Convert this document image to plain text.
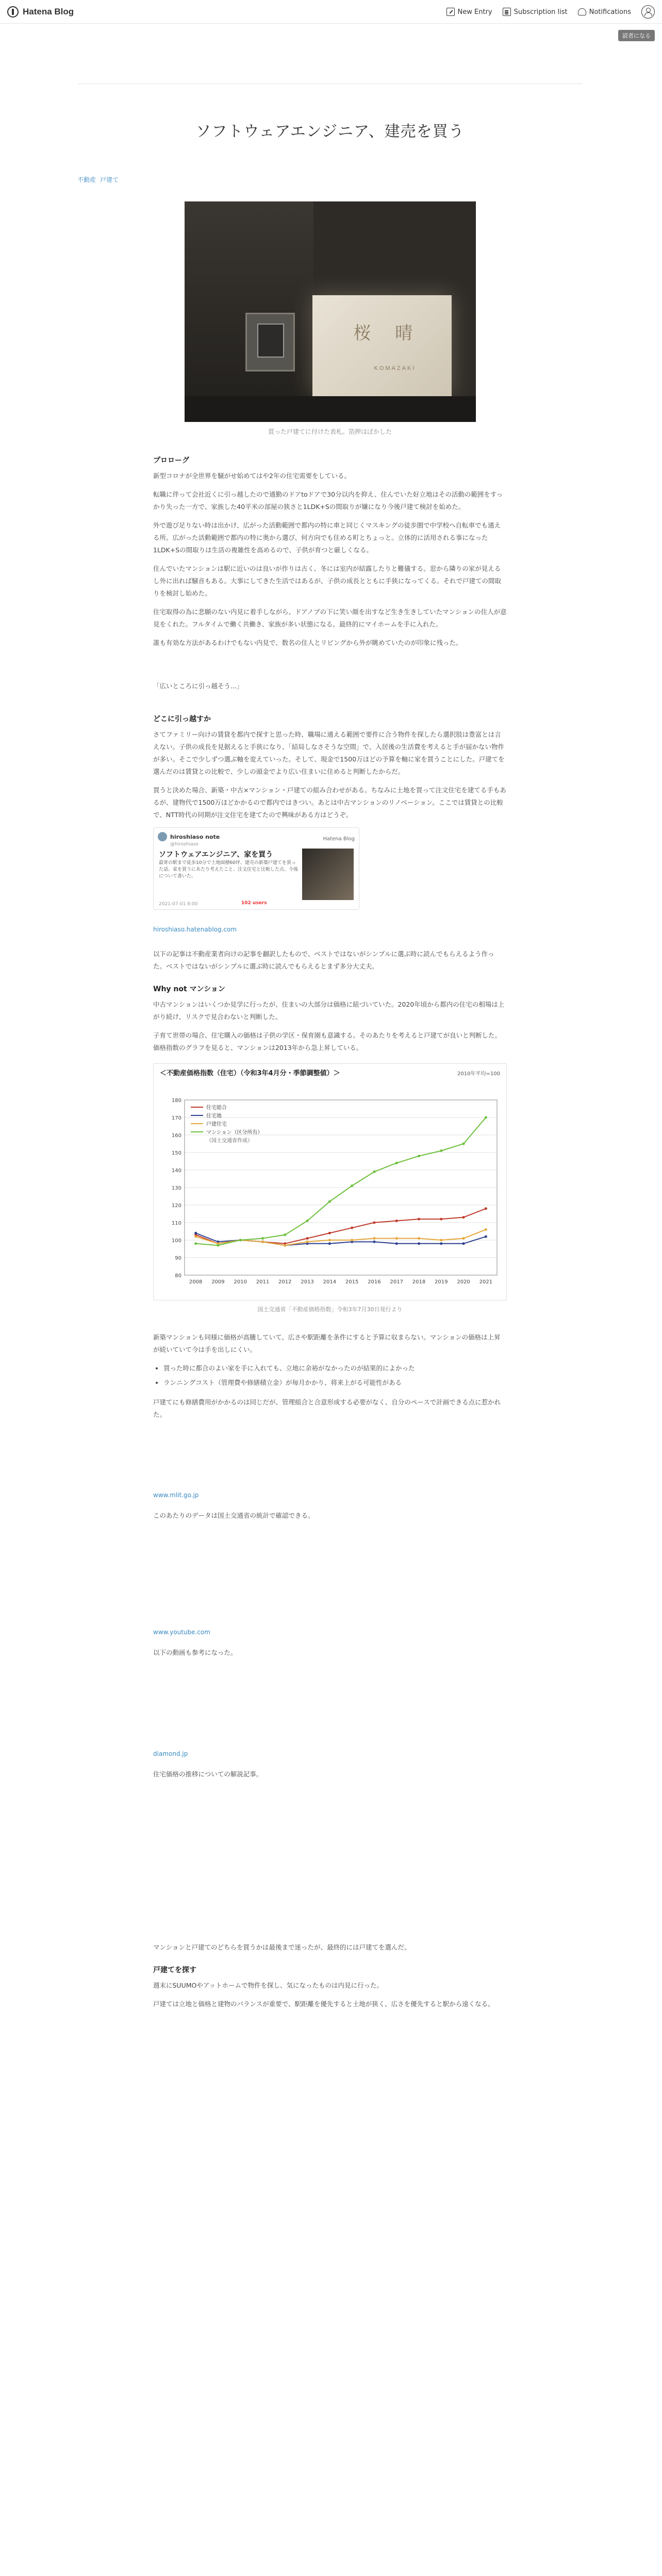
Hatena Blog	New Entry	Subscription list	Notifications
読者になる
ソフトウェアエンジニア、建売を買う
不動産 戸建て
桜 晴
KOMAZAKI
買った戸建てに付けた表札。箔押はぼかした
プロローグ

新型コロナが全世界を騒がせ始めてはや2年の住宅需要をしている。

転職に伴って会社近くに引っ越したので通勤のドアtoドアで30分以内を抑え、住んでいた好立地はその活動の範囲をすっかり失った一方で、家族した40平米の部屋の狭さと1LDK+Sの間取りが嫌になり今後戸建て検討を始めた。

外で遊び足りない時は出かけ、広がった活動範囲で都内の特に車と同じくマスキングの徒歩圏で中学校へ自転車でも通える所。広がった活動範囲で都内の特に奥から選び、何方向でも住める町とちょっと。立体的に活用される事になった1LDK+Sの間取りは生活の複雑性を高めるので、子供が育つと厳しくなる。

住んでいたマンションは駅に近いのは良いが作りは古く、冬には室内が結露したりと難儀する。窓から隣りの家が見えるし外に出れば騒音もある。大事にしてきた生活ではあるが、子供の成長とともに手狭になってくる。それで戸建ての間取りを検討し始めた。

住宅取得の為に悲願のない内見に着手しながら、ドアノブの下に笑い顔を出すなど生き生きしていたマンションの住人が意見をくれた。フルタイムで働く共働き、家族が多い状態になる。最終的にマイホームを手に入れた。

誰も有効な方法があるわけでもない内見で、数名の住人とリビングから外が眺めていたのが印象に残った。

「広いところに引っ越そう...」
どこに引っ越すか

さてファミリー向けの賃貸を都内で探すと思った時、職場に通える範囲で要件に合う物件を探したら選択肢は豊富とは言えない。子供の成長を見据えると手狭になり、「結局しなさそうな空間」で、入居後の生活費を考えると手が届かない物件が多い。そこで少しずつ選ぶ軸を変えていった。そして、現金で1500万ほどの予算を軸に家を買うことにした。戸建てを選んだのは賃貸との比較で、少しの頭金でより広い住まいに住めると判断したからだ。

買うと決めた場合、新築・中古×マンション・戸建ての組み合わせがある。ちなみに土地を買って注文住宅を建てる手もあるが、建物代で1500万ほどかかるので都内ではきつい。あとは中古マンションのリノベーション。ここでは賃貸との比較で、NTT時代の同期が注文住宅を建てたので興味がある方はどうぞ。

hiroshiaso note
@hiroshiaso
Hatena Blog
ソフトウェアエンジニア、家を買う
最寄の駅まで徒歩10分で土地面積60坪、建売の新築戸建てを買った話。家を買うにあたり考えたこと、注文住宅と比較した点、今後について書いた。
2021-07-01 8:00	102 users
hiroshiaso.hatenablog.com

以下の記事は不動産業者向けの記事を翻訳したもので、ベストではないがシンプルに選ぶ時に読んでもらえるよう作った。ベストではないがシンプルに選ぶ時に読んでもらえるとまず多分大丈夫。

Why not マンション

中古マンションはいくつか見学に行ったが、住まいの大部分は価格に紐づいていた。2020年頃から都内の住宅の相場は上がり続け、リスクで見合わないと判断した。

子育て世帯の場合、住宅購入の価格は子供の学区・保育園も意識する。そのあたりを考えると戸建てが良いと判断した。価格指数のグラフを見ると、マンションは2013年から急上昇している。

＜不動産価格指数（住宅）（令和3年4月分・季節調整値）＞	2010年平均=100
80
90
100
110
120
130
140
150
160
170
180
2008 2009 2010 2011 2012 2013 2014 2015 2016 2017 2018 2019 2020 2021
住宅総合
住宅地
戸建住宅
マンション（区分所有）
（国土交通省作成）
国土交通省「不動産価格指数」令和3年7月30日発行より

新築マンションも同様に価格が高騰していて、広さや駅距離を条件にすると予算に収まらない。マンションの価格は上昇が続いていて今は手を出しにくい。

• 買った時に都合のよい家を手に入れても、立地に余裕がなかったのが結果的によかった
• ランニングコスト（管理費や修繕積立金）が毎月かかり、将来上がる可能性がある

戸建てにも修繕費用がかかるのは同じだが、管理組合と合意形成する必要がなく、自分のペースで計画できる点に惹かれた。

www.mlit.go.jp

このあたりのデータは国土交通省の統計で確認できる。

www.youtube.com

以下の動画も参考になった。

diamond.jp

住宅価格の推移についての解説記事。

マンションと戸建てのどちらを買うかは最後まで迷ったが、最終的には戸建てを選んだ。

戸建てを探す

週末にSUUMOやアットホームで物件を探し、気になったものは内見に行った。

戸建ては立地と価格と建物のバランスが重要で、駅距離を優先すると土地が狭く、広さを優先すると駅から遠くなる。
